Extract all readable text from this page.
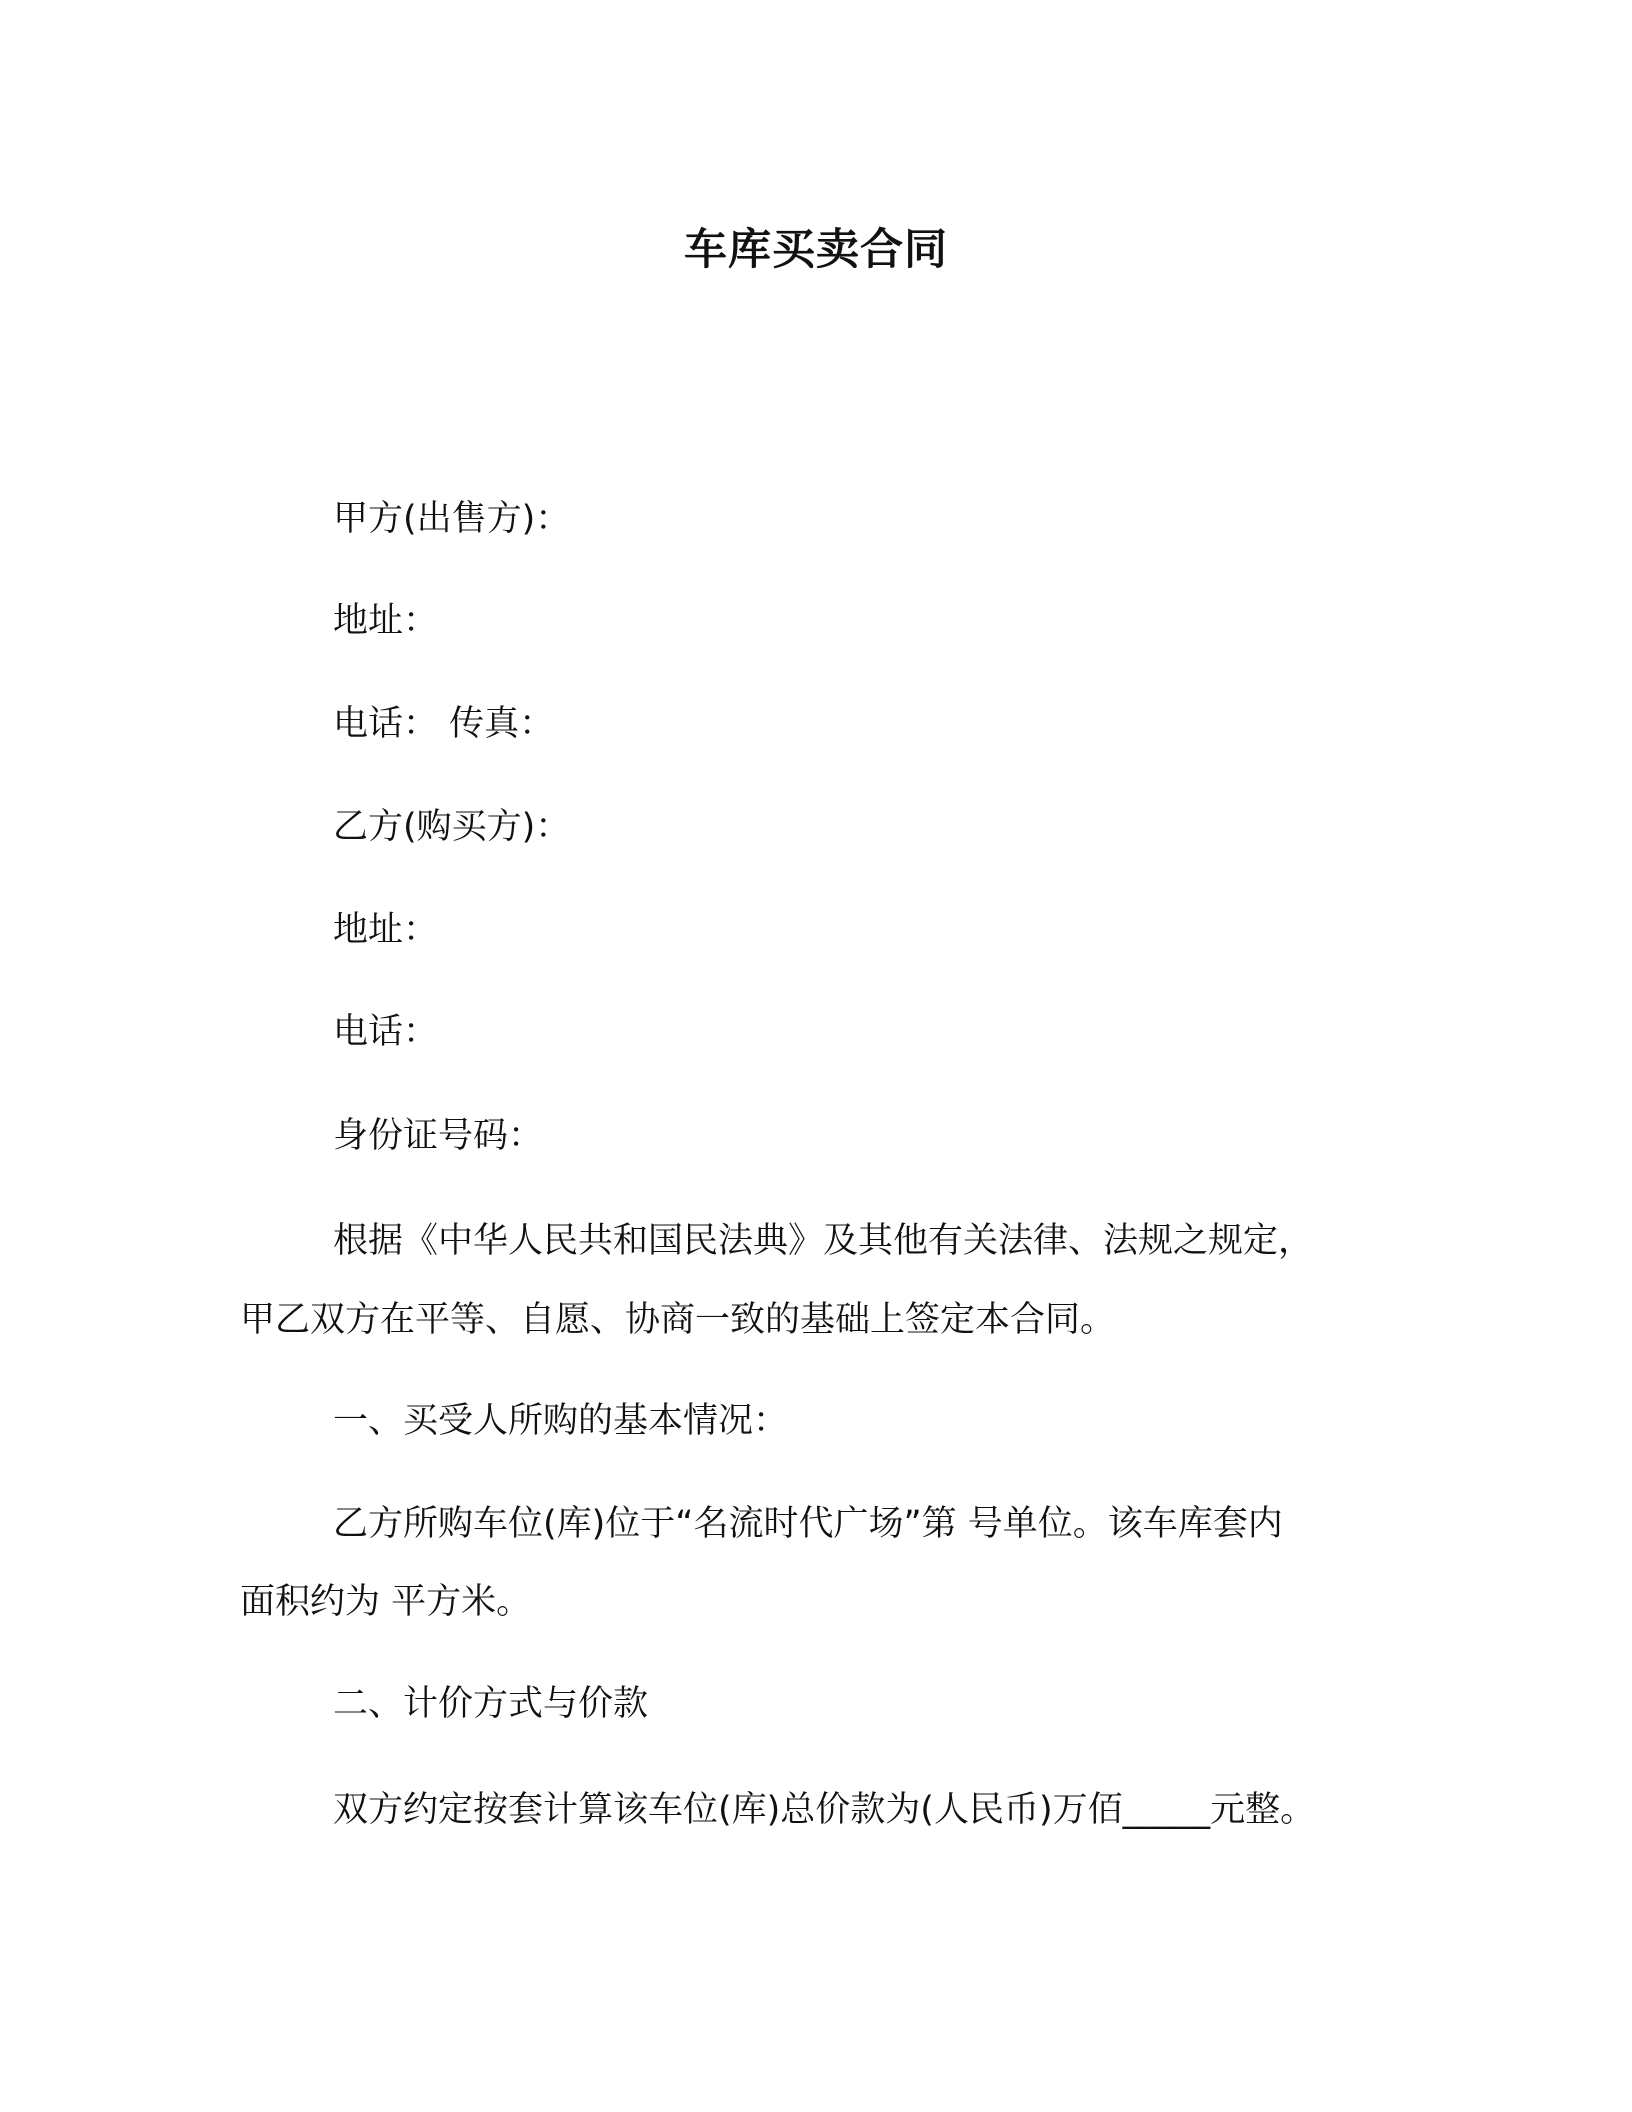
车库买卖合同
甲方(出售方)：
地址：
电话： 传真：
乙方(购买方)：
地址：
电话：
身份证号码：
根据《中华人民共和国民法典》及其他有关法律、法规之规定，
甲乙双方在平等、自愿、协商一致的基础上签定本合同。
一、买受人所购的基本情况：
乙方所购车位(库)位于“名流时代广场”第 号单位。该车库套内
面积约为 平方米。
二、计价方式与价款
双方约定按套计算该车位(库)总价款为(人民币)万佰_____元整。
